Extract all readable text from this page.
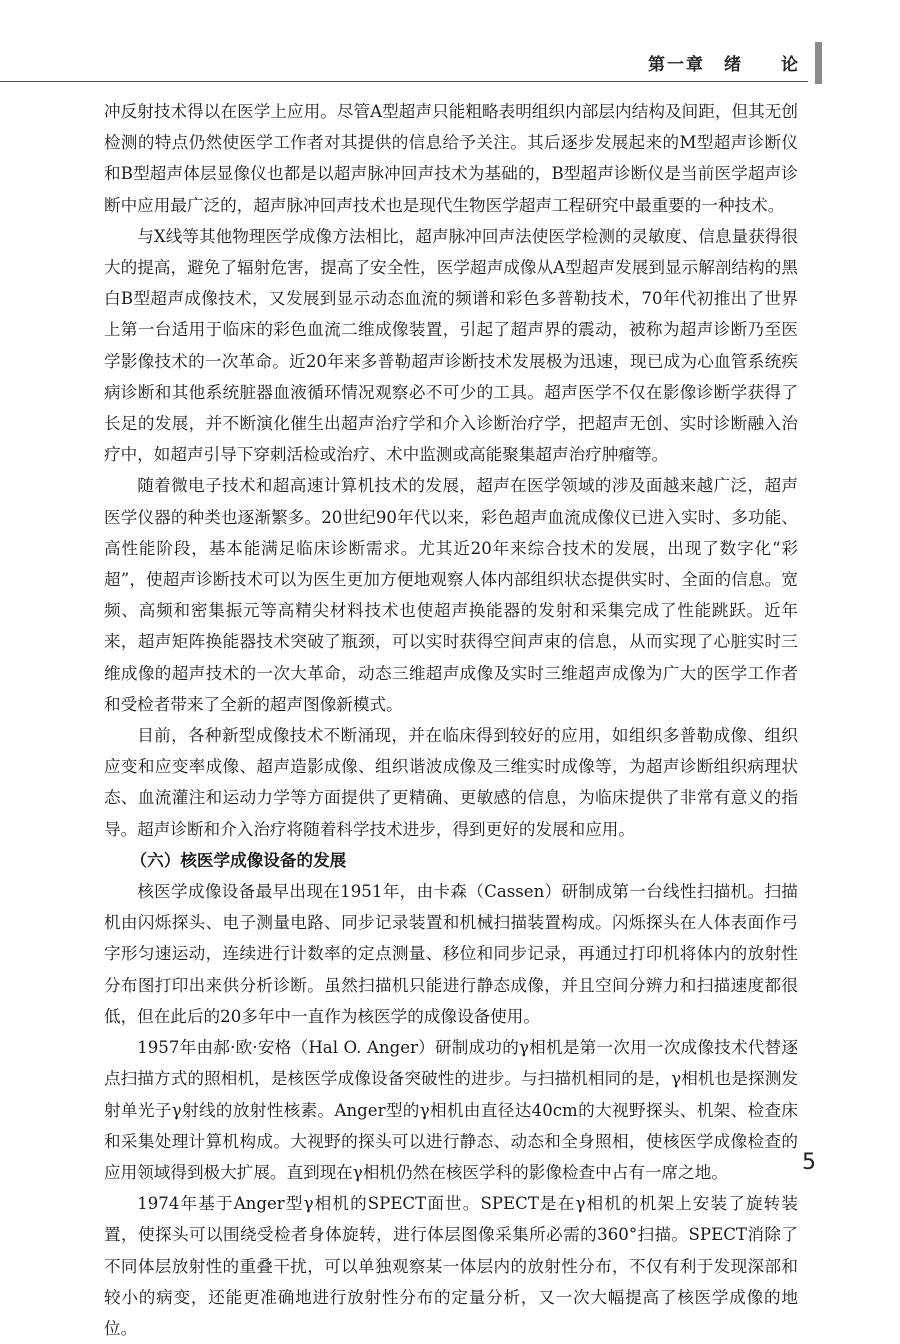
第一章　绪　　论

冲反射技术得以在医学上应用。尽管A型超声只能粗略表明组织内部层内结构及间距，但其无创检测的特点仍然使医学工作者对其提供的信息给予关注。其后逐步发展起来的M型超声诊断仪和B型超声体层显像仪也都是以超声脉冲回声技术为基础的，B型超声诊断仪是当前医学超声诊断中应用最广泛的，超声脉冲回声技术也是现代生物医学超声工程研究中最重要的一种技术。

与X线等其他物理医学成像方法相比，超声脉冲回声法使医学检测的灵敏度、信息量获得很大的提高，避免了辐射危害，提高了安全性，医学超声成像从A型超声发展到显示解剖结构的黑白B型超声成像技术，又发展到显示动态血流的频谱和彩色多普勒技术，70年代初推出了世界上第一台适用于临床的彩色血流二维成像装置，引起了超声界的震动，被称为超声诊断乃至医学影像技术的一次革命。近20年来多普勒超声诊断技术发展极为迅速，现已成为心血管系统疾病诊断和其他系统脏器血液循环情况观察必不可少的工具。超声医学不仅在影像诊断学获得了长足的发展，并不断演化催生出超声治疗学和介入诊断治疗学，把超声无创、实时诊断融入治疗中，如超声引导下穿刺活检或治疗、术中监测或高能聚集超声治疗肿瘤等。

随着微电子技术和超高速计算机技术的发展，超声在医学领域的涉及面越来越广泛，超声医学仪器的种类也逐渐繁多。20世纪90年代以来，彩色超声血流成像仪已进入实时、多功能、高性能阶段，基本能满足临床诊断需求。尤其近20年来综合技术的发展，出现了数字化“彩超”，使超声诊断技术可以为医生更加方便地观察人体内部组织状态提供实时、全面的信息。宽频、高频和密集振元等高精尖材料技术也使超声换能器的发射和采集完成了性能跳跃。近年来，超声矩阵换能器技术突破了瓶颈，可以实时获得空间声束的信息，从而实现了心脏实时三维成像的超声技术的一次大革命，动态三维超声成像及实时三维超声成像为广大的医学工作者和受检者带来了全新的超声图像新模式。

目前，各种新型成像技术不断涌现，并在临床得到较好的应用，如组织多普勒成像、组织应变和应变率成像、超声造影成像、组织谐波成像及三维实时成像等，为超声诊断组织病理状态、血流灌注和运动力学等方面提供了更精确、更敏感的信息，为临床提供了非常有意义的指导。超声诊断和介入治疗将随着科学技术进步，得到更好的发展和应用。

（六）核医学成像设备的发展

核医学成像设备最早出现在1951年，由卡森（Cassen）研制成第一台线性扫描机。扫描机由闪烁探头、电子测量电路、同步记录装置和机械扫描装置构成。闪烁探头在人体表面作弓字形匀速运动，连续进行计数率的定点测量、移位和同步记录，再通过打印机将体内的放射性分布图打印出来供分析诊断。虽然扫描机只能进行静态成像，并且空间分辨力和扫描速度都很低，但在此后的20多年中一直作为核医学的成像设备使用。

1957年由郝·欧·安格（Hal O. Anger）研制成功的γ相机是第一次用一次成像技术代替逐点扫描方式的照相机，是核医学成像设备突破性的进步。与扫描机相同的是，γ相机也是探测发射单光子γ射线的放射性核素。Anger型的γ相机由直径达40cm的大视野探头、机架、检查床和采集处理计算机构成。大视野的探头可以进行静态、动态和全身照相，使核医学成像检查的应用领域得到极大扩展。直到现在γ相机仍然在核医学科的影像检查中占有一席之地。

1974年基于Anger型γ相机的SPECT面世。SPECT是在γ相机的机架上安装了旋转装置，使探头可以围绕受检者身体旋转，进行体层图像采集所必需的360°扫描。SPECT消除了不同体层放射性的重叠干扰，可以单独观察某一体层内的放射性分布，不仅有利于发现深部和较小的病变，还能更准确地进行放射性分布的定量分析，又一次大幅提高了核医学成像的地位。

5
